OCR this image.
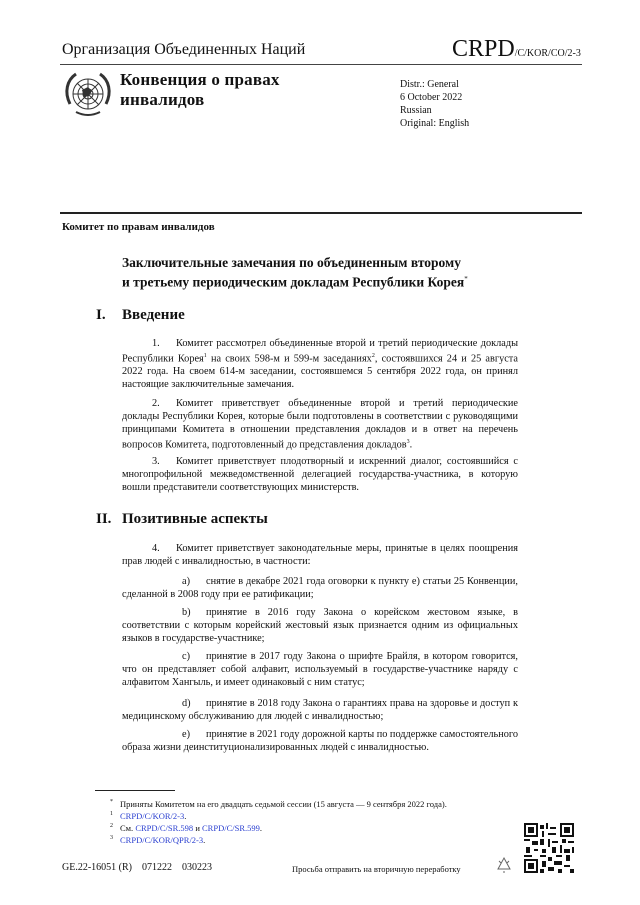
Организация Объединенных Наций	CRPD/C/KOR/CO/2-3
Конвенция о правах
инвалидов
Distr.: General
6 October 2022
Russian
Original: English
Комитет по правам инвалидов
Заключительные замечания по объединенным второму
и третьему периодическим докладам Республики Корея*
I. Введение
1. Комитет рассмотрел объединенные второй и третий периодические доклады Республики Корея$^1$ на своих 598-м и 599-м заседаниях$^2$, состоявшихся 24 и 25 августа 2022 года. На своем 614-м заседании, состоявшемся 5 сентября 2022 года, он принял настоящие заключительные замечания.
2. Комитет приветствует объединенные второй и третий периодические доклады Республики Корея, которые были подготовлены в соответствии с руководящими принципами Комитета в отношении представления докладов и в ответ на перечень вопросов Комитета, подготовленный до представления докладов$^3$.
3. Комитет приветствует плодотворный и искренний диалог, состоявшийся с многопрофильной межведомственной делегацией государства-участника, в которую вошли представители соответствующих министерств.
II. Позитивные аспекты
4. Комитет приветствует законодательные меры, принятые в целях поощрения прав людей с инвалидностью, в частности:
a) снятие в декабре 2021 года оговорки к пункту e) статьи 25 Конвенции, сделанной в 2008 году при ее ратификации;
b) принятие в 2016 году Закона о корейском жестовом языке, в соответствии с которым корейский жестовый язык признается одним из официальных языков в государстве-участнике;
c) принятие в 2017 году Закона о шрифте Брайля, в котором говорится, что он представляет собой алфавит, используемый в государстве-участнике наряду с алфавитом Хангыль, и имеет одинаковый с ним статус;
d) принятие в 2018 году Закона о гарантиях права на здоровье и доступ к медицинскому обслуживанию для людей с инвалидностью;
e) принятие в 2021 году дорожной карты по поддержке самостоятельного образа жизни деинституционализированных людей с инвалидностью.
* Приняты Комитетом на его двадцать седьмой сессии (15 августа — 9 сентября 2022 года).
$^1$ CRPD/C/KOR/2-3.
$^2$ См. CRPD/C/SR.598 и CRPD/C/SR.599.
$^3$ CRPD/C/KOR/QPR/2-3.
GE.22-16051 (R)    071222    030223	Просьба отправить на вторичную переработку
